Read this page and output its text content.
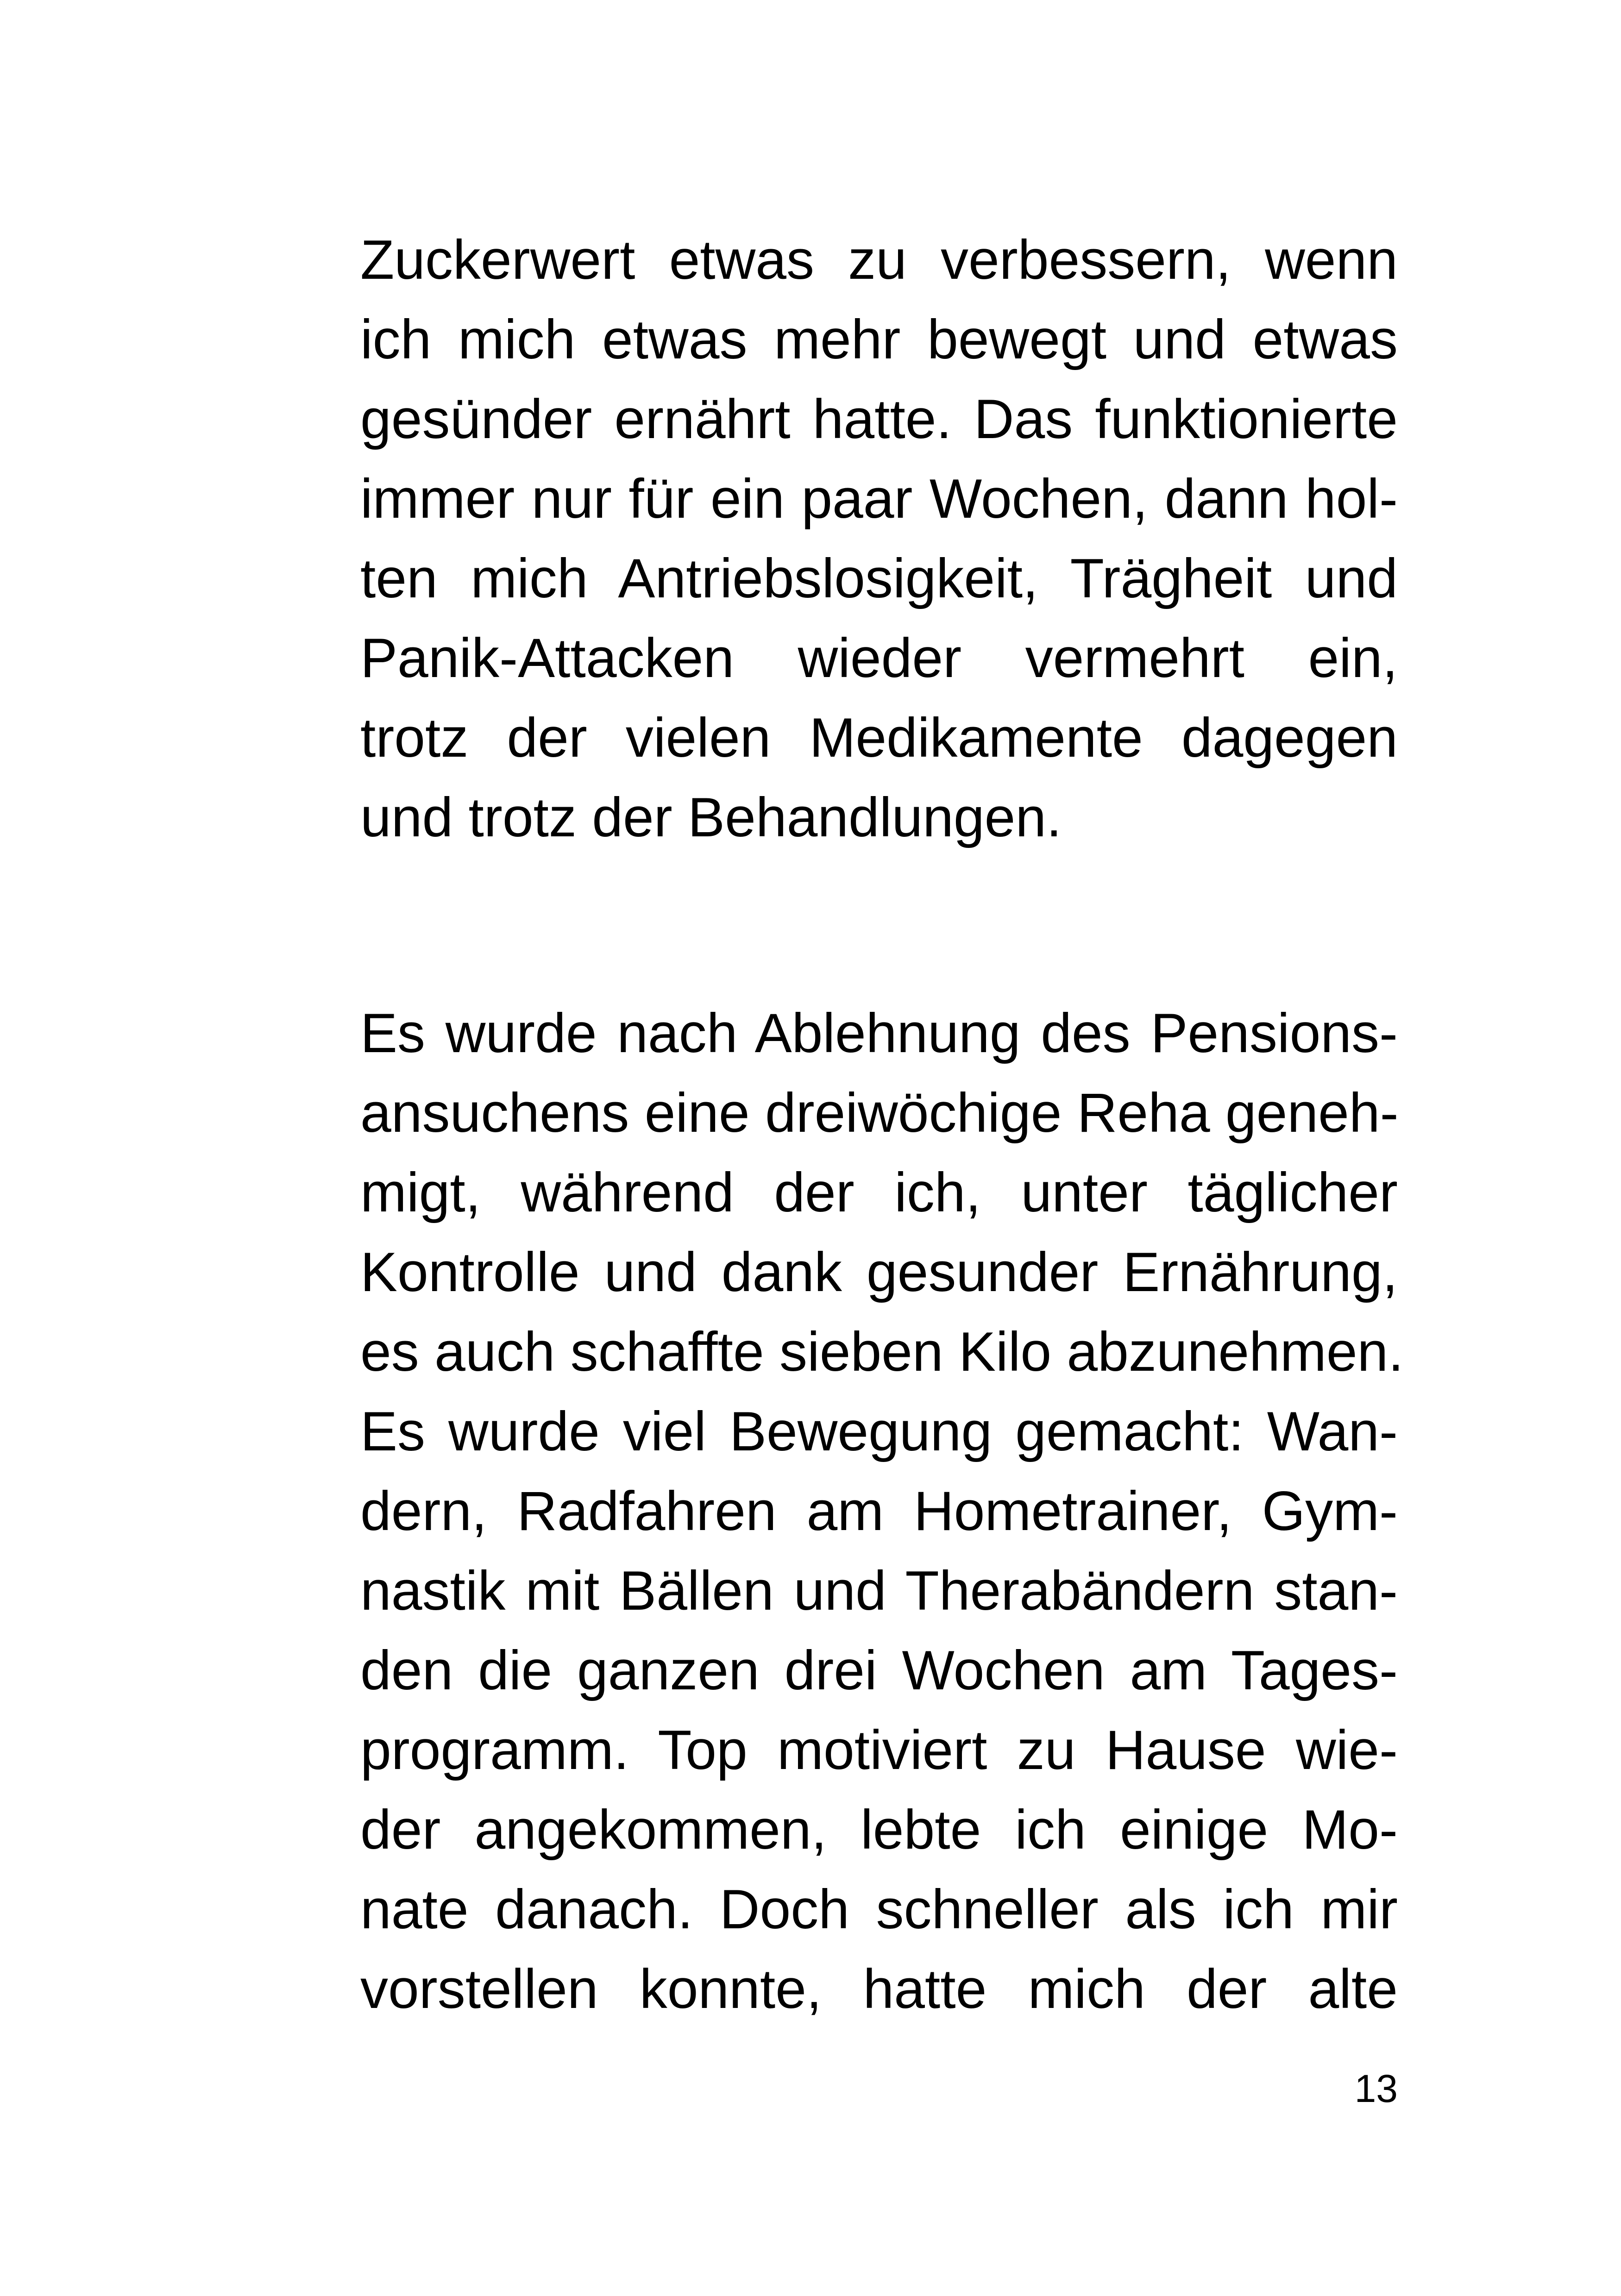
Zuckerwert etwas zu verbessern, wenn
ich mich etwas mehr bewegt und etwas
gesünder ernährt hatte. Das funktionierte
immer nur für ein paar Wochen, dann hol-
ten mich Antriebslosigkeit, Trägheit und
Panik-Attacken wieder vermehrt ein,
trotz der vielen Medikamente dagegen
und trotz der Behandlungen.
Es wurde nach Ablehnung des Pensions-
ansuchens eine dreiwöchige Reha geneh-
migt, während der ich, unter täglicher
Kontrolle und dank gesunder Ernährung,
es auch schaffte sieben Kilo abzunehmen.
Es wurde viel Bewegung gemacht: Wan-
dern, Radfahren am Hometrainer, Gym-
nastik mit Bällen und Therabändern stan-
den die ganzen drei Wochen am Tages-
programm. Top motiviert zu Hause wie-
der angekommen, lebte ich einige Mo-
nate danach. Doch schneller als ich mir
vorstellen konnte, hatte mich der alte
13
